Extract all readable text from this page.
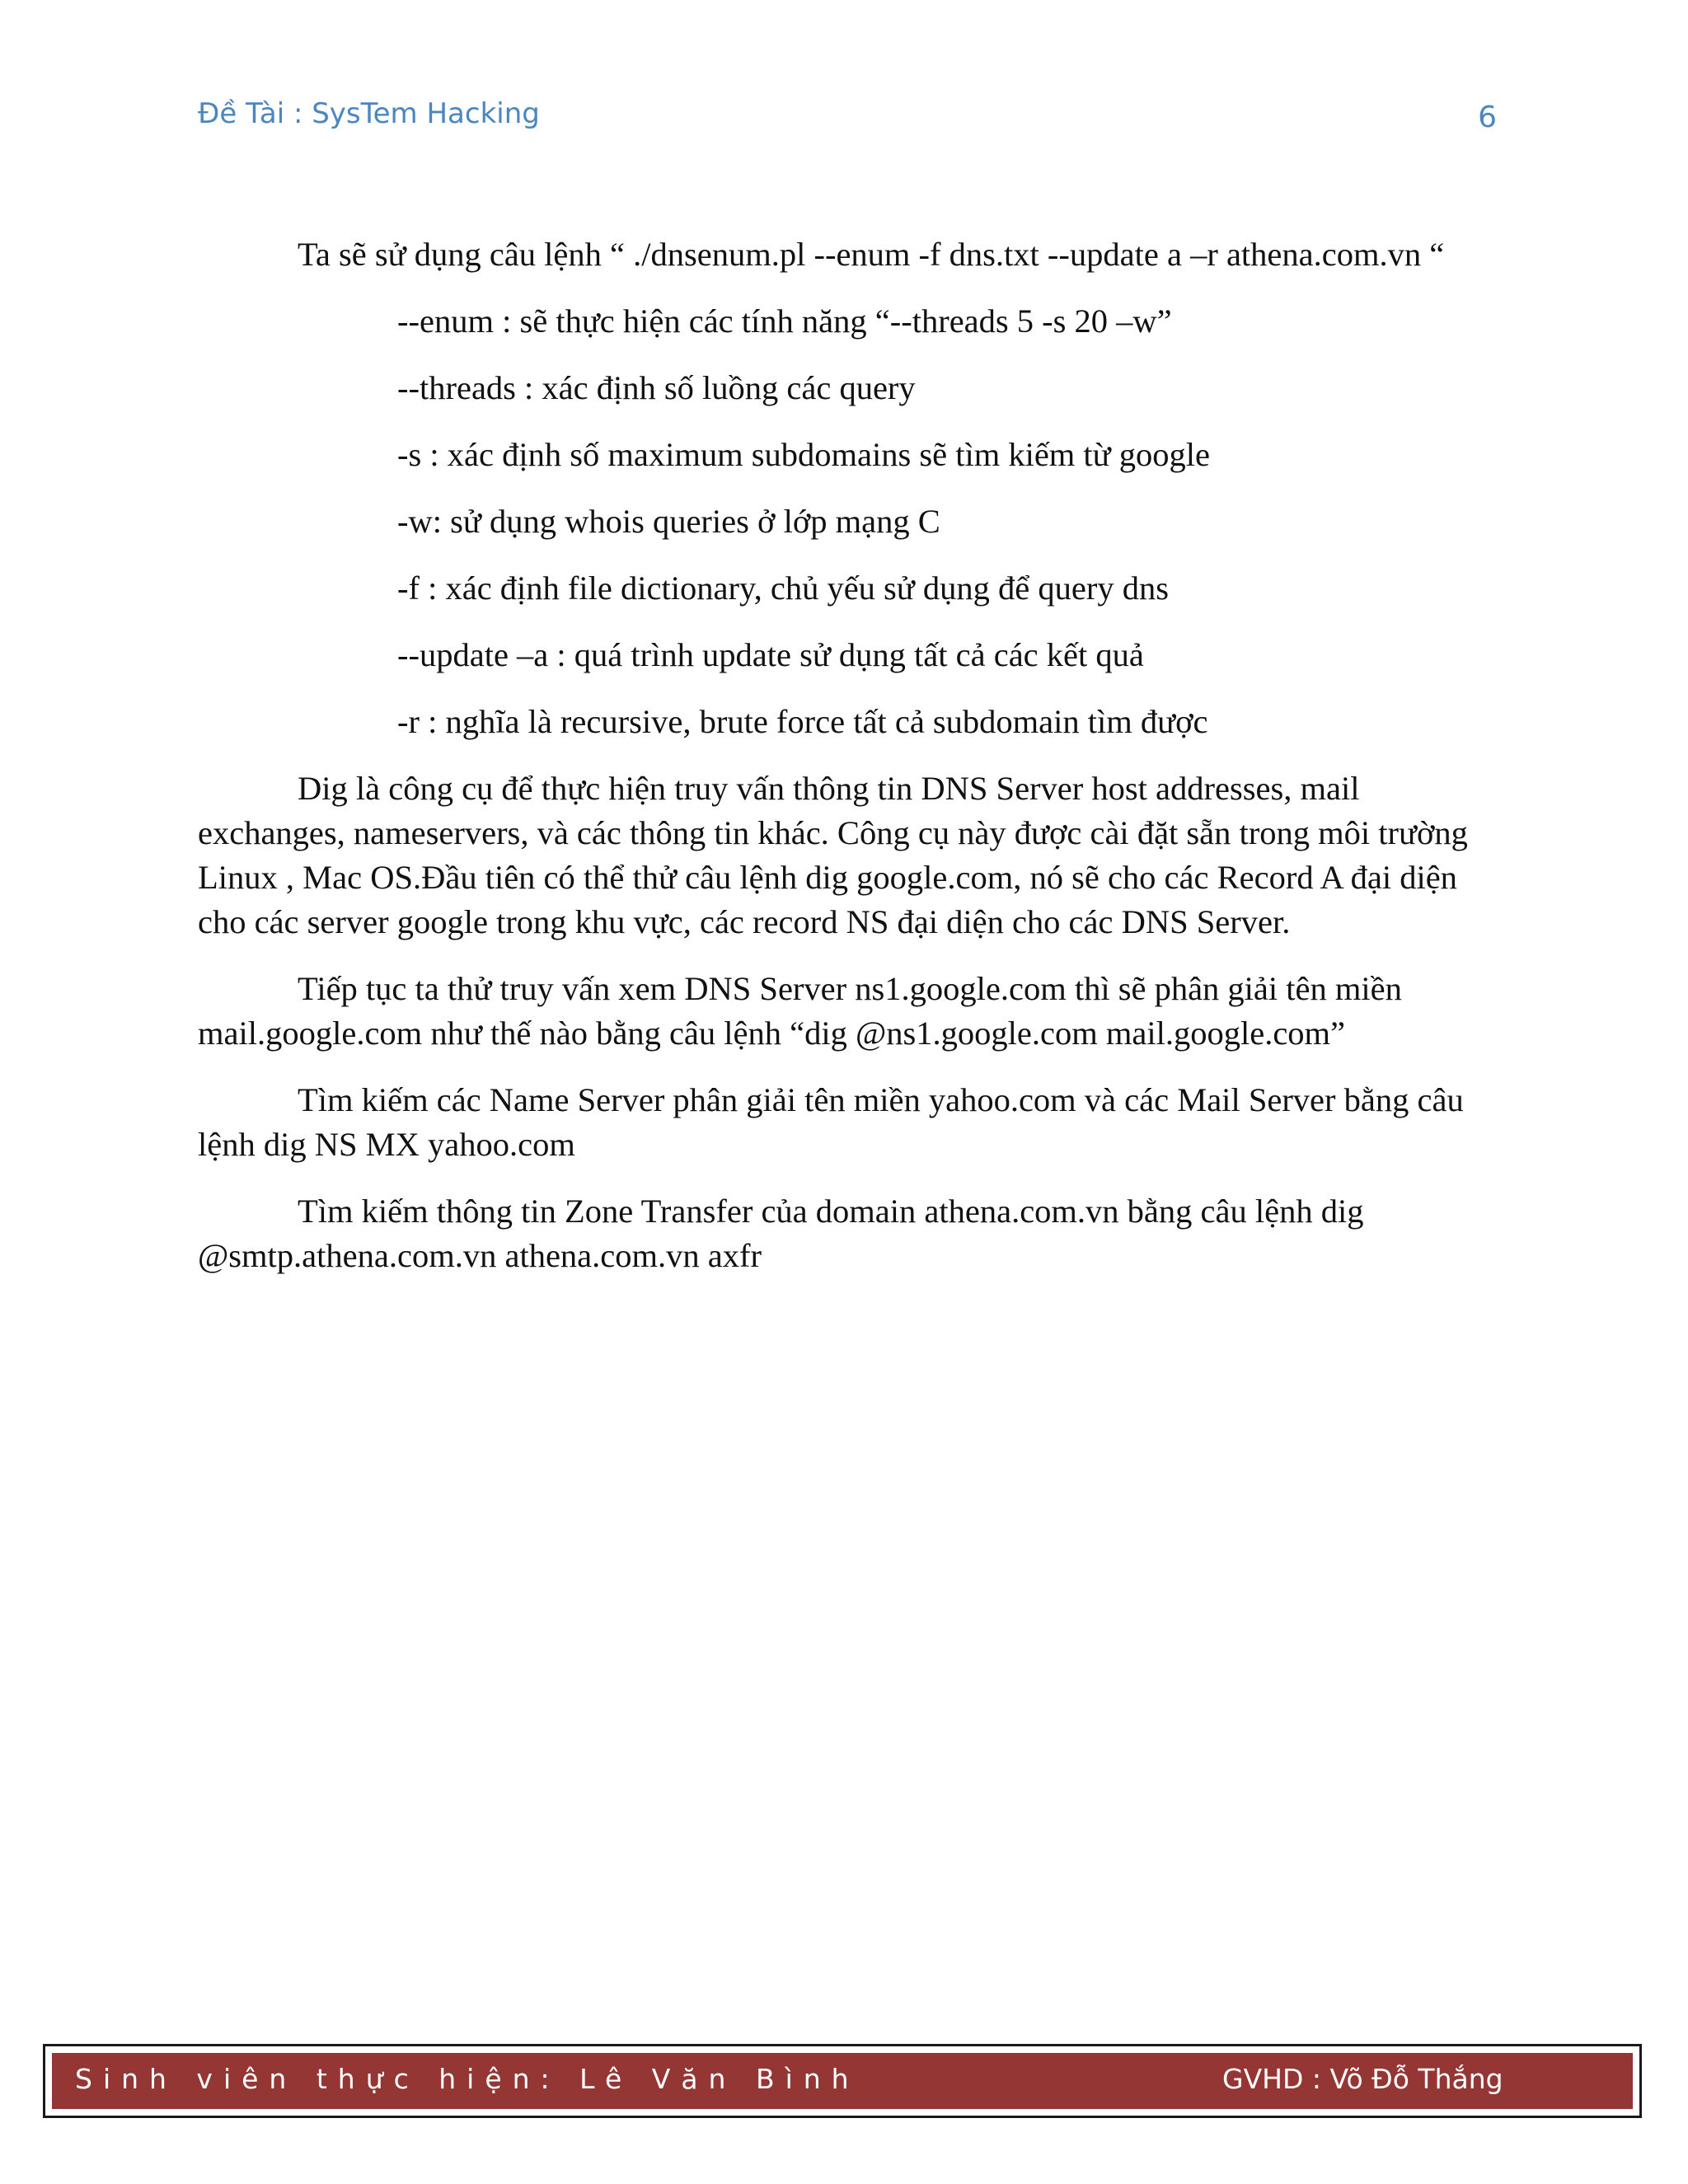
Đề Tài : SysTem Hacking	6

Ta sẽ sử dụng câu lệnh “ ./dnsenum.pl --enum -f dns.txt --update a –r athena.com.vn “

--enum : sẽ thực hiện các tính năng “--threads 5 -s 20 –w”

--threads : xác định số luồng các query

-s : xác định số maximum subdomains sẽ tìm kiếm từ google

-w: sử dụng whois queries ở lớp mạng C

-f : xác định file dictionary, chủ yếu sử dụng để query dns

--update –a : quá trình update sử dụng tất cả các kết quả

-r : nghĩa là recursive, brute force tất cả subdomain tìm được

Dig là công cụ để thực hiện truy vấn thông tin DNS Server host addresses, mail exchanges, nameservers, và các thông tin khác. Công cụ này được cài đặt sẵn trong môi trường Linux , Mac OS.Đầu tiên có thể thử câu lệnh dig google.com, nó sẽ cho các Record A đại diện cho các server google trong khu vực, các record NS đại diện cho các DNS Server.

Tiếp tục ta thử truy vấn xem DNS Server ns1.google.com thì sẽ phân giải tên miền mail.google.com như thế nào bằng câu lệnh “dig @ns1.google.com mail.google.com”

Tìm kiếm các Name Server phân giải tên miền yahoo.com và các Mail Server bằng câu lệnh dig NS MX yahoo.com

Tìm kiếm thông tin Zone Transfer của domain athena.com.vn bằng câu lệnh dig @smtp.athena.com.vn athena.com.vn axfr

Sinh viên thực hiện: Lê Văn Bình	GVHD : Võ Đỗ Thắng
